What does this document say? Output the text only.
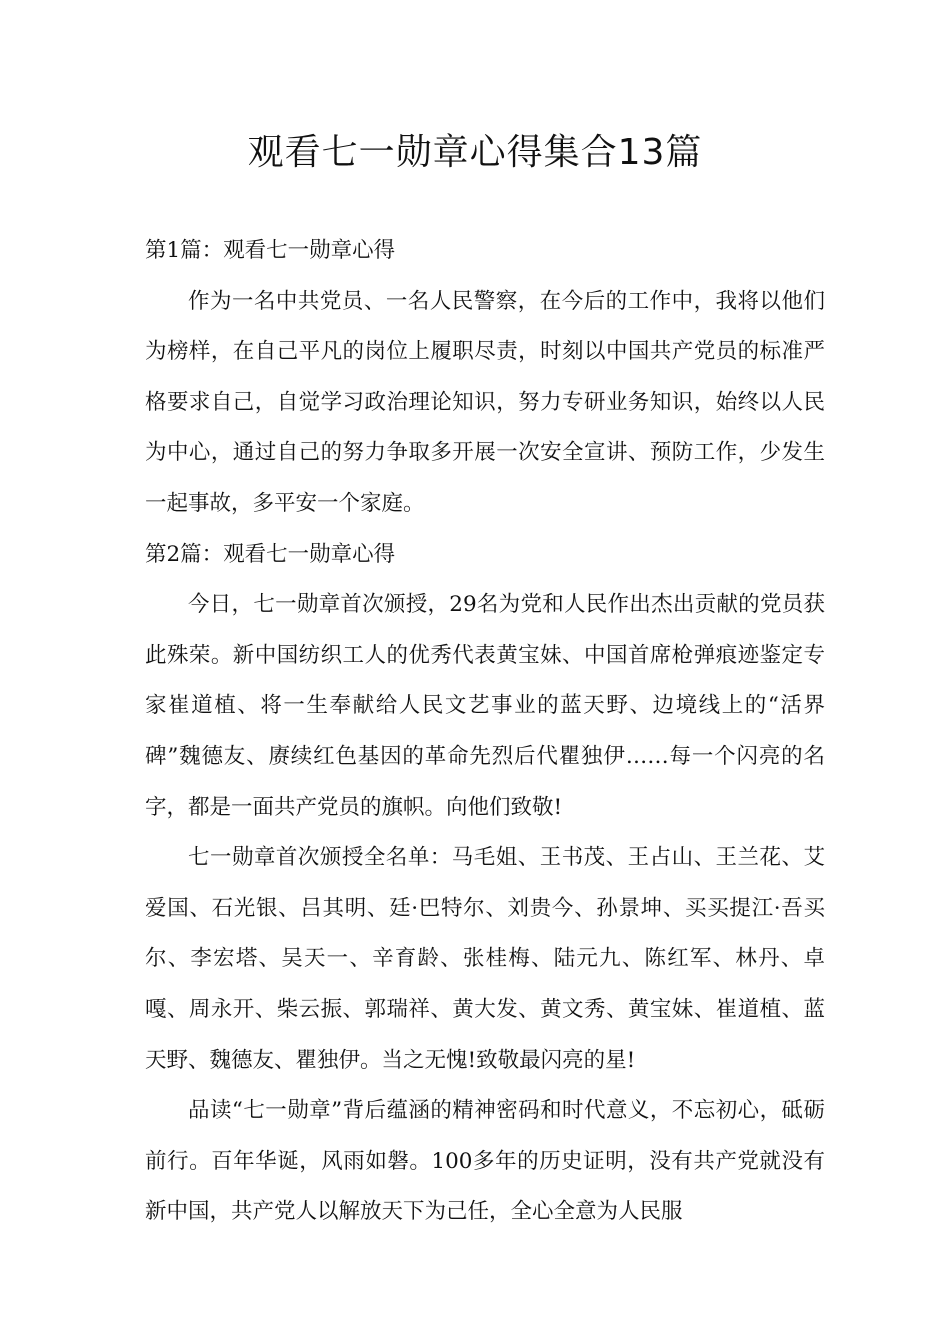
观看七一勋章心得集合13篇

第1篇：观看七一勋章心得

作为一名中共党员、一名人民警察，在今后的工作中，我将以他们为榜样，在自己平凡的岗位上履职尽责，时刻以中国共产党员的标准严格要求自己，自觉学习政治理论知识，努力专研业务知识，始终以人民为中心，通过自己的努力争取多开展一次安全宣讲、预防工作，少发生一起事故，多平安一个家庭。

第2篇：观看七一勋章心得

今日，七一勋章首次颁授，29名为党和人民作出杰出贡献的党员获此殊荣。新中国纺织工人的优秀代表黄宝妹、中国首席枪弹痕迹鉴定专家崔道植、将一生奉献给人民文艺事业的蓝天野、边境线上的“活界碑”魏德友、赓续红色基因的革命先烈后代瞿独伊……每一个闪亮的名字，都是一面共产党员的旗帜。向他们致敬!

七一勋章首次颁授全名单：马毛姐、王书茂、王占山、王兰花、艾爱国、石光银、吕其明、廷·巴特尔、刘贵今、孙景坤、买买提江·吾买尔、李宏塔、吴天一、辛育龄、张桂梅、陆元九、陈红军、林丹、卓嘎、周永开、柴云振、郭瑞祥、黄大发、黄文秀、黄宝妹、崔道植、蓝天野、魏德友、瞿独伊。当之无愧!致敬最闪亮的星!

品读“七一勋章”背后蕴涵的精神密码和时代意义，不忘初心，砥砺前行。百年华诞，风雨如磐。100多年的历史证明，没有共产党就没有新中国，共产党人以解放天下为己任，全心全意为人民服
